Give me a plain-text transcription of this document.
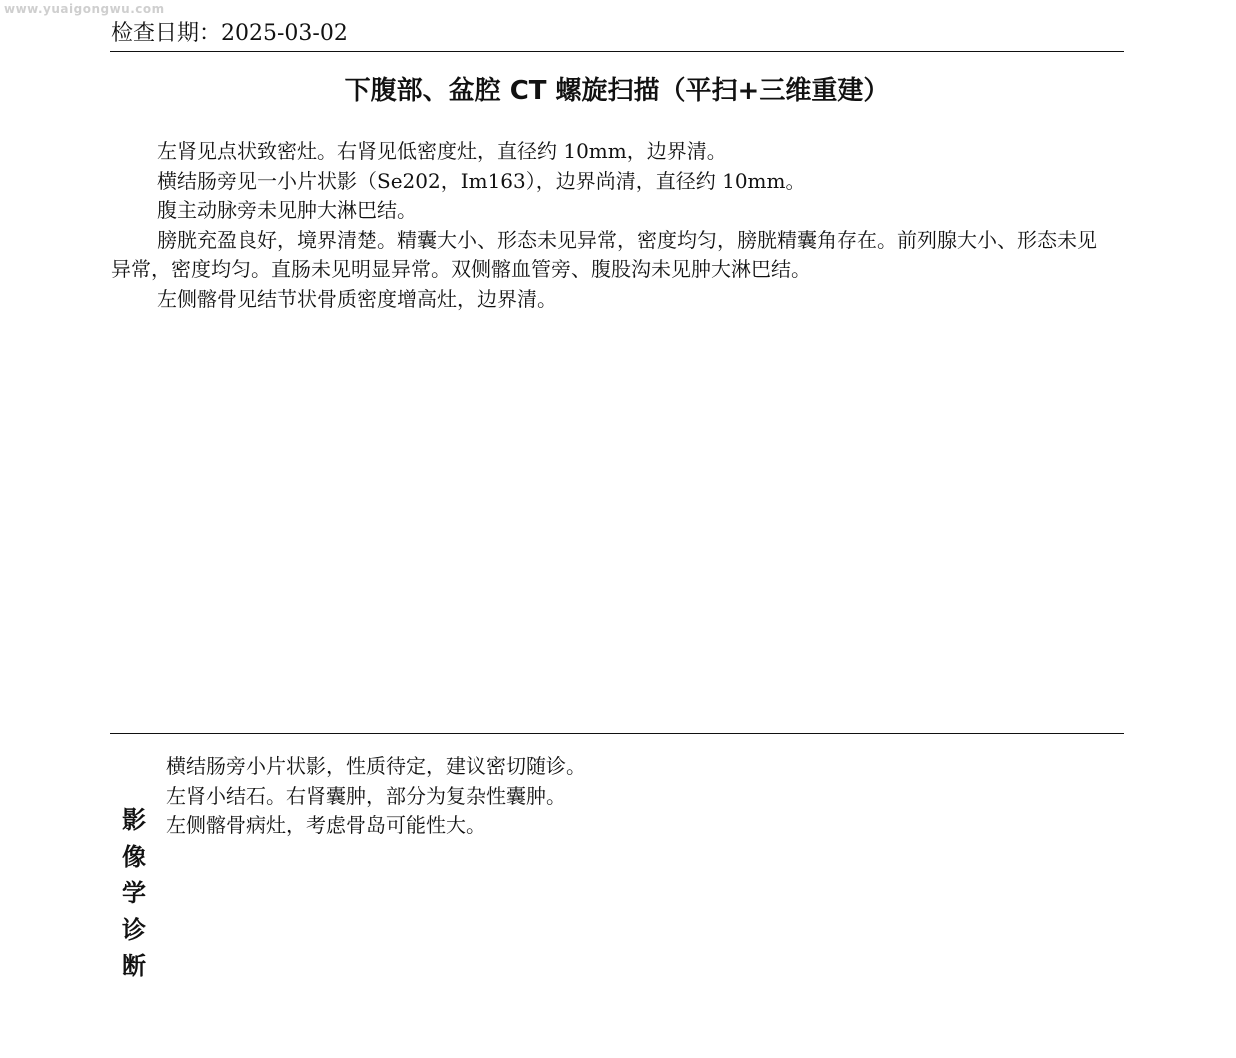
www.yuaigongwu.com
检查日期：2025-03-02
下腹部、盆腔 CT 螺旋扫描（平扫+三维重建）

左肾见点状致密灶。右肾见低密度灶，直径约 10mm，边界清。

横结肠旁见一小片状影（Se202，Im163），边界尚清，直径约 10mm。

腹主动脉旁未见肿大淋巴结。

膀胱充盈良好，境界清楚。精囊大小、形态未见异常，密度均匀，膀胱精囊角存在。前列腺大小、形态未见异常，密度均匀。直肠未见明显异常。双侧髂血管旁、腹股沟未见肿大淋巴结。

左侧髂骨见结节状骨质密度增高灶，边界清。

影
像
学
诊
断

横结肠旁小片状影，性质待定，建议密切随诊。

左肾小结石。右肾囊肿，部分为复杂性囊肿。

左侧髂骨病灶，考虑骨岛可能性大。
